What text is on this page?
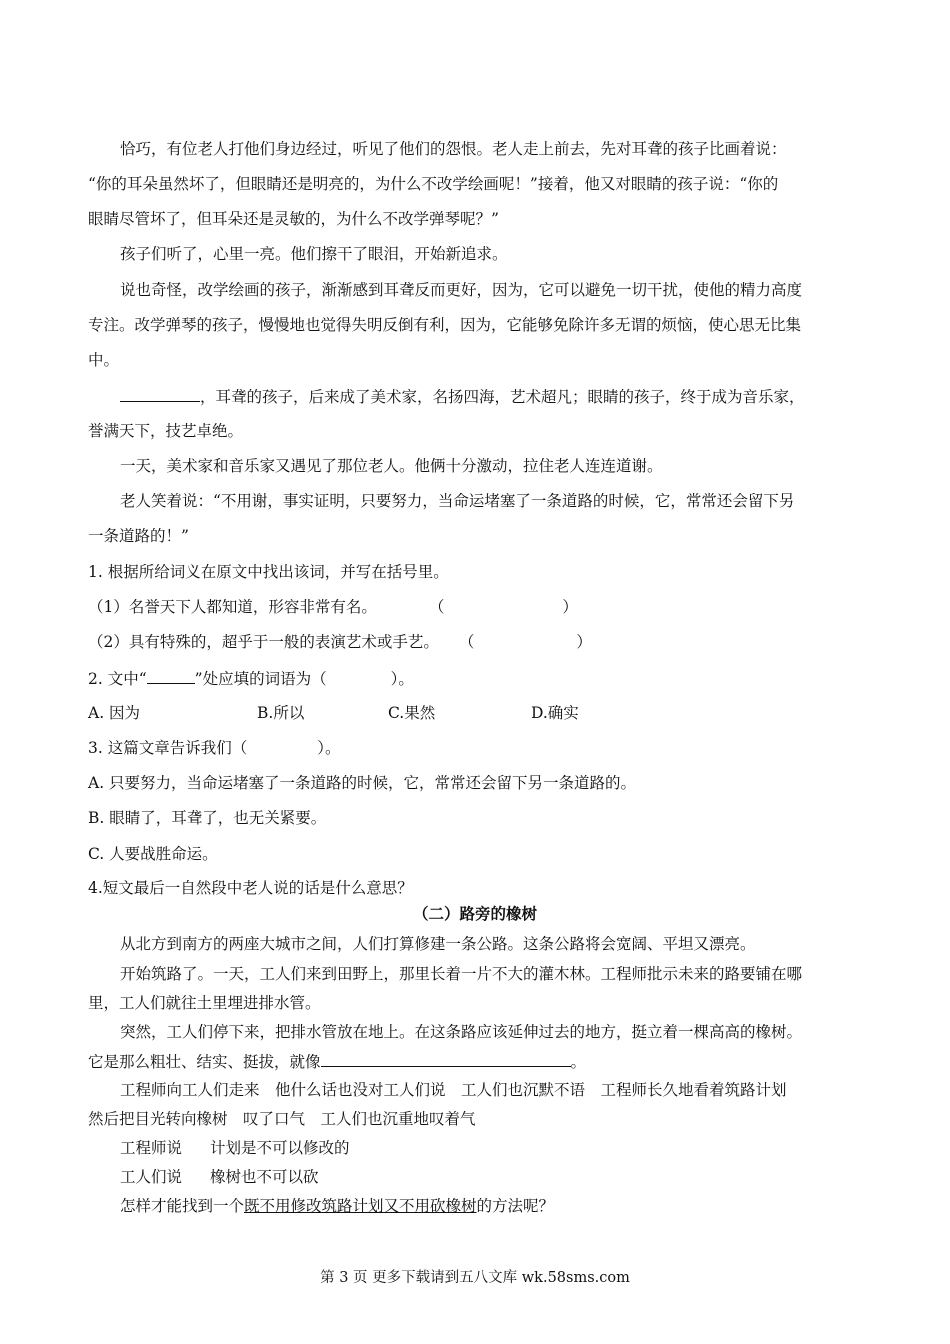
恰巧，有位老人打他们身边经过，听见了他们的怨恨。老人走上前去，先对耳聋的孩子比画着说：
“你的耳朵虽然坏了，但眼睛还是明亮的，为什么不改学绘画呢！”接着，他又对眼睛的孩子说：“你的
眼睛尽管坏了，但耳朵还是灵敏的，为什么不改学弹琴呢？”
孩子们听了，心里一亮。他们擦干了眼泪，开始新追求。
说也奇怪，改学绘画的孩子，渐渐感到耳聋反而更好，因为，它可以避免一切干扰，使他的精力高度
专注。改学弹琴的孩子，慢慢地也觉得失明反倒有利，因为，它能够免除许多无谓的烦恼，使心思无比集
中。
，耳聋的孩子，后来成了美术家，名扬四海，艺术超凡；眼睛的孩子，终于成为音乐家，
誉满天下，技艺卓绝。
一天，美术家和音乐家又遇见了那位老人。他俩十分激动，拉住老人连连道谢。
老人笑着说：“不用谢，事实证明，只要努力，当命运堵塞了一条道路的时候，它，常常还会留下另
一条道路的！”
1. 根据所给词义在原文中找出该词，并写在括号里。
（1）名誉天下人都知道，形容非常有名。	（	）
（2）具有特殊的，超乎于一般的表演艺术或手艺。 （	）
2. 文中“	”处应填的词语为（	）。
A. 因为	B.所以	C.果然	D.确实
3. 这篇文章告诉我们（	）。
A. 只要努力，当命运堵塞了一条道路的时候，它，常常还会留下另一条道路的。
B. 眼睛了，耳聋了，也无关紧要。
C. 人要战胜命运。
4.短文最后一自然段中老人说的话是什么意思？
（二）路旁的橡树
从北方到南方的两座大城市之间，人们打算修建一条公路。这条公路将会宽阔、平坦又漂亮。
开始筑路了。一天，工人们来到田野上，那里长着一片不大的灌木林。工程师批示未来的路要铺在哪
里，工人们就往土里埋进排水管。
突然，工人们停下来，把排水管放在地上。在这条路应该延伸过去的地方，挺立着一棵高高的橡树。
它是那么粗壮、结实、挺拔，就像	。
工程师向工人们走来　他什么话也没对工人们说　工人们也沉默不语　工程师长久地看着筑路计划
然后把目光转向橡树　叹了口气　工人们也沉重地叹着气
工程师说 计划是不可以修改的
工人们说 橡树也不可以砍
怎样才能找到一个既不用修改筑路计划又不用砍橡树的方法呢？
第 3 页 更多下载请到五八文库 wk.58sms.com
